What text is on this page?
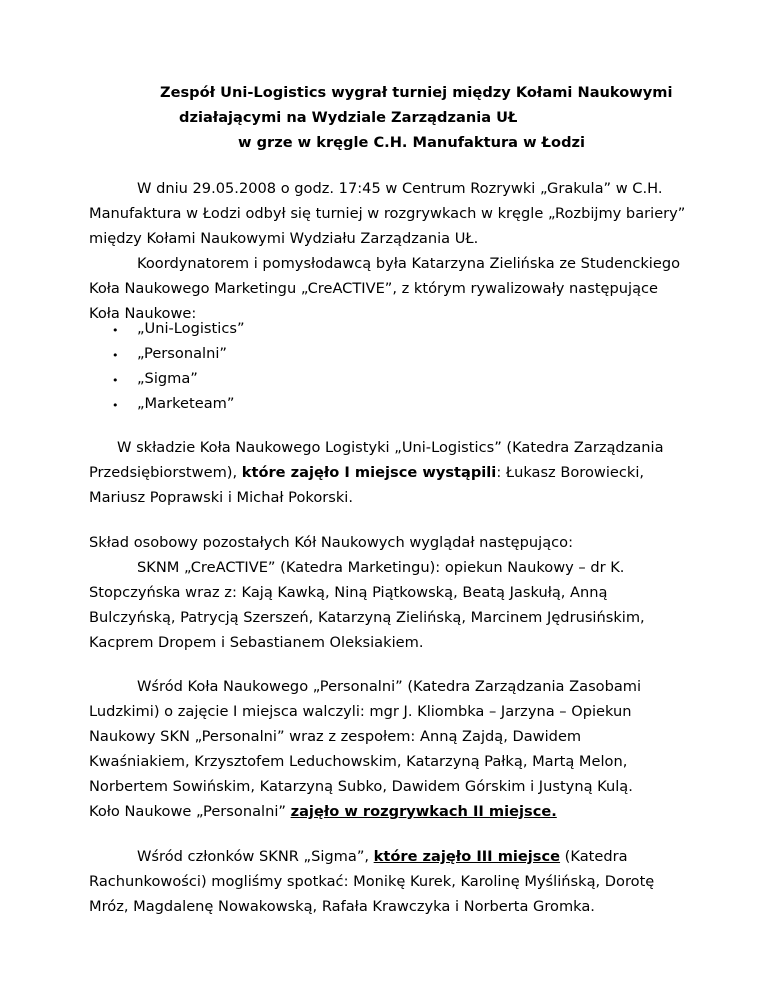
Zespół Uni-Logistics wygrał turniej między Kołami Naukowymi
działającymi na Wydziale Zarządzania UŁ
w grze w kręgle C.H. Manufaktura w Łodzi
W dniu 29.05.2008 o godz. 17:45 w Centrum Rozrywki „Grakula” w C.H.
Manufaktura w Łodzi odbył się turniej w rozgrywkach w kręgle „Rozbijmy bariery”
między Kołami Naukowymi Wydziału Zarządzania UŁ.
Koordynatorem i pomysłodawcą była Katarzyna Zielińska ze Studenckiego
Koła Naukowego Marketingu „CreACTIVE”, z którym rywalizowały następujące
Koła Naukowe:
• „Uni-Logistics”
• „Personalni”
• „Sigma”
• „Marketeam”
W składzie Koła Naukowego Logistyki „Uni-Logistics” (Katedra Zarządzania
Przedsiębiorstwem), które zajęło I miejsce wystąpili: Łukasz Borowiecki,
Mariusz Poprawski i Michał Pokorski.
Skład osobowy pozostałych Kół Naukowych wyglądał następująco:
SKNM „CreACTIVE” (Katedra Marketingu): opiekun Naukowy – dr K.
Stopczyńska wraz z: Kają Kawką, Niną Piątkowską, Beatą Jaskułą, Anną
Bulczyńską, Patrycją Szerszeń, Katarzyną Zielińską, Marcinem Jędrusińskim,
Kacprem Dropem i Sebastianem Oleksiakiem.
Wśród Koła Naukowego „Personalni” (Katedra Zarządzania Zasobami
Ludzkimi) o zajęcie I miejsca walczyli: mgr J. Kliombka – Jarzyna – Opiekun
Naukowy SKN „Personalni” wraz z zespołem: Anną Zajdą, Dawidem
Kwaśniakiem, Krzysztofem Leduchowskim, Katarzyną Pałką, Martą Melon,
Norbertem Sowińskim, Katarzyną Subko, Dawidem Górskim i Justyną Kulą.
Koło Naukowe „Personalni” zajęło w rozgrywkach II miejsce.
Wśród członków SKNR „Sigma”, które zajęło III miejsce (Katedra
Rachunkowości) mogliśmy spotkać: Monikę Kurek, Karolinę Myślińską, Dorotę
Mróz, Magdalenę Nowakowską, Rafała Krawczyka i Norberta Gromka.
